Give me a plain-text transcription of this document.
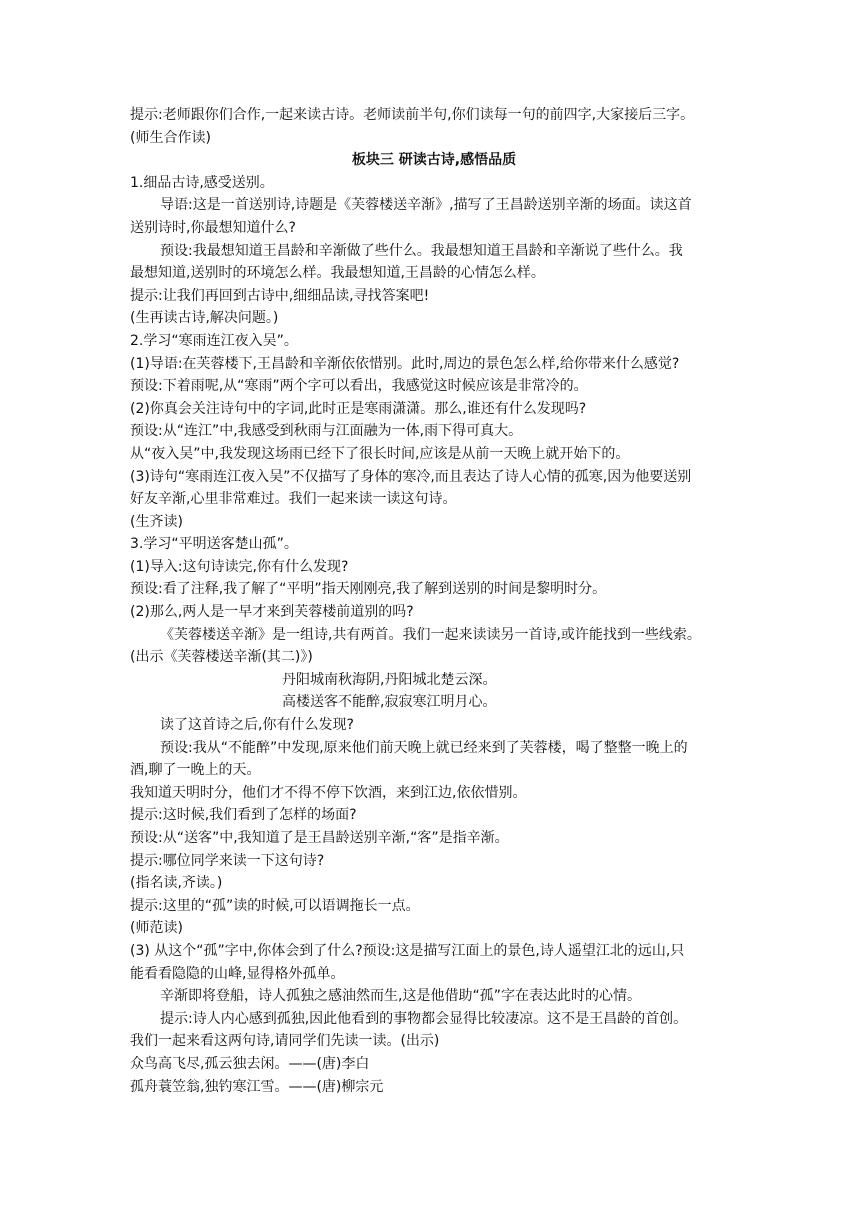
提示:老师跟你们合作,一起来读古诗。老师读前半句,你们读每一句的前四字,大家接后三字。

(师生合作读)

板块三 研读古诗,感悟品质

1.细品古诗,感受送别。

导语:这是一首送别诗,诗题是《芙蓉楼送辛渐》,描写了王昌龄送别辛渐的场面。读这首

送别诗时,你最想知道什么?

预设:我最想知道王昌龄和辛渐做了些什么。我最想知道王昌龄和辛渐说了些什么。我

最想知道,送别时的环境怎么样。我最想知道,王昌龄的心情怎么样。

提示:让我们再回到古诗中,细细品读,寻找答案吧!

(生再读古诗,解决问题。)

2.学习“寒雨连江夜入吴”。

(1)导语:在芙蓉楼下,王昌龄和辛渐依依惜别。此时,周边的景色怎么样,给你带来什么感觉?

预设:下着雨呢,从“寒雨”两个字可以看出，我感觉这时候应该是非常冷的。

(2)你真会关注诗句中的字词,此时正是寒雨潇潇。那么,谁还有什么发现吗?

预设:从“连江”中,我感受到秋雨与江面融为一体,雨下得可真大。

从“夜入吴”中,我发现这场雨已经下了很长时间,应该是从前一天晚上就开始下的。

(3)诗句“寒雨连江夜入吴”不仅描写了身体的寒冷,而且表达了诗人心情的孤寒,因为他要送别

好友辛渐,心里非常难过。我们一起来读一读这句诗。

(生齐读)

3.学习“平明送客楚山孤”。

(1)导入:这句诗读完,你有什么发现?

预设:看了注释,我了解了“平明”指天刚刚亮,我了解到送别的时间是黎明时分。

(2)那么,两人是一早才来到芙蓉楼前道别的吗?

《芙蓉楼送辛渐》是一组诗,共有两首。我们一起来读读另一首诗,或许能找到一些线索。

(出示《芙蓉楼送辛渐(其二)》)

丹阳城南秋海阴,丹阳城北楚云深。

高楼送客不能醉,寂寂寒江明月心。

读了这首诗之后,你有什么发现?

预设:我从“不能醉”中发现,原来他们前天晚上就已经来到了芙蓉楼，喝了整整一晚上的

酒,聊了一晚上的天。

我知道天明时分，他们才不得不停下饮酒，来到江边,依依惜别。

提示:这时候,我们看到了怎样的场面?

预设:从“送客”中,我知道了是王昌龄送别辛渐,“客”是指辛渐。

提示:哪位同学来读一下这句诗?

(指名读,齐读。)

提示:这里的“孤”读的时候,可以语调拖长一点。

(师范读)

(3) 从这个“孤”字中,你体会到了什么?预设:这是描写江面上的景色,诗人遥望江北的远山,只

能看看隐隐的山峰,显得格外孤单。

辛渐即将登船，诗人孤独之感油然而生,这是他借助“孤”字在表达此时的心情。

提示:诗人内心感到孤独,因此他看到的事物都会显得比较凄凉。这不是王昌龄的首创。

我们一起来看这两句诗,请同学们先读一读。(出示)

众鸟高飞尽,孤云独去闲。——(唐)李白

孤舟蓑笠翁,独钓寒江雪。——(唐)柳宗元
